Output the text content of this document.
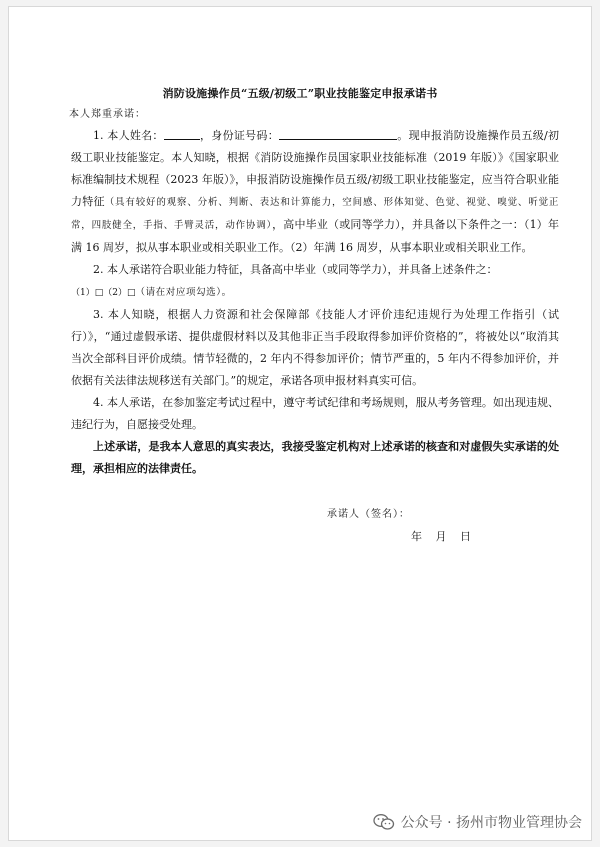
消防设施操作员“五级/初级工”职业技能鉴定申报承诺书
本人郑重承诺：

1. 本人姓名：	，身份证号码：	。现申报消防设施操作员五级/初级工职业技能鉴定。本人知晓，根据《消防设施操作员国家职业技能标准（2019 年版）》《国家职业标准编制技术规程（2023 年版）》，申报消防设施操作员五级/初级工职业技能鉴定，应当符合职业能力特征（具有较好的观察、分析、判断、表达和计算能力，空间感、形体知觉、色觉、视觉、嗅觉、听觉正常，四肢健全，手指、手臂灵活，动作协调），高中毕业（或同等学力），并具备以下条件之一：（1）年满 16 周岁，拟从事本职业或相关职业工作。（2）年满 16 周岁，从事本职业或相关职业工作。

2. 本人承诺符合职业能力特征，具备高中毕业（或同等学力），并具备上述条件之：

（1）□（2）□（请在对应项勾选）。

3. 本人知晓，根据人力资源和社会保障部《技能人才评价违纪违规行为处理工作指引（试行）》，“通过虚假承诺、提供虚假材料以及其他非正当手段取得参加评价资格的”，将被处以“取消其当次全部科目评价成绩。情节轻微的，2 年内不得参加评价；情节严重的，5 年内不得参加评价，并依据有关法律法规移送有关部门。”的规定，承诺各项申报材料真实可信。

4. 本人承诺，在参加鉴定考试过程中，遵守考试纪律和考场规则，服从考务管理。如出现违规、违纪行为，自愿接受处理。

上述承诺，是我本人意思的真实表达，我接受鉴定机构对上述承诺的核查和对虚假失实承诺的处理，承担相应的法律责任。

承诺人（签名）：
年 月 日
公众号 · 扬州市物业管理协会
